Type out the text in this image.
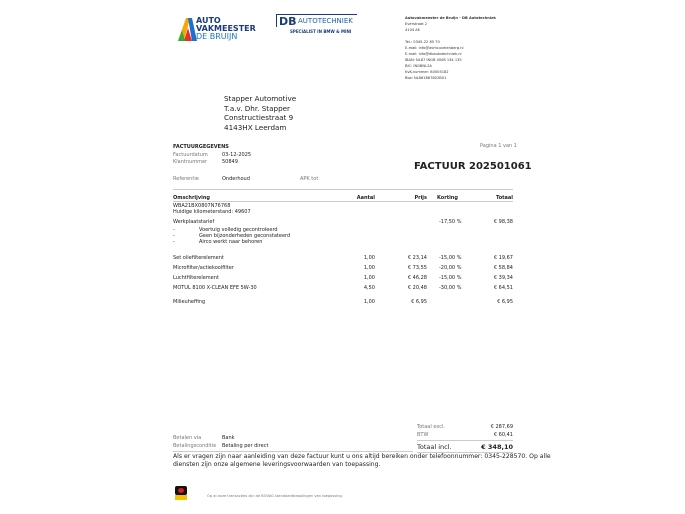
AUTO
VAKMEESTER
DE BRUIJN
DB AUTOTECHNIEK
SPECIALIST IN BMW & MINI
Autovakmeester de Bruijn - DB Autotechniek
Everstraat 2
4104 AE

Tel.: 0345-22 85 70
E-mail: info@avmcuvelenberg.nl
E-mail: info@dbautotechniek.nl
IBAN: NL87 INGB 0008 134 135
BIC: INGBNL2A
KvK-nummer: 80005182
Btw: NL861867802B01
Stapper Automotive
T.a.v. Dhr. Stapper
Constructiestraat 9
4143HX Leerdam
FACTUURGEGEVENS	Pagina 1 van 1
Factuurdatum	03-12-2025
Klantnummer	50849	FACTUUR 202501061
Referentie	Onderhoud	APK tot
Omschrijving	Aantal	Prijs Korting	Totaal
WBA21BX0807N76768
Huidige kilometerstand: 49607
Werkplaatstarief	-17,50 %	€ 98,38
-	Voertuig volledig gecontroleerd
-	Geen bijzonderheden geconstateerd
-	Airco werkt naar behoren
Set oliefilterelement	1,00	€ 23,14 -15,00 %	€ 19,67
Microfilter/actiekoolfilter	1,00	€ 73,55 -20,00 %	€ 58,84
Luchtfilterelement	1,00	€ 46,28 -15,00 %	€ 39,34
MOTUL 8100 X-CLEAN EFE 5W-30	4,50	€ 20,48 -30,00 %	€ 64,51
Milieuheffing	1,00	€ 6,95	€ 6,95
Totaal excl.	€ 287,69
BTW	€ 60,41
Totaal incl.	€ 348,10
Betalen via	Bank
Betalingsconditie Betaling per direct
Als er vragen zijn naar aanleiding van deze factuur kunt u ons altijd bereiken onder telefoonnummer: 0345-228570. Op alle
diensten zijn onze algemene leveringsvoorwaarden van toepassing.
Op al onze transacties zijn de BOVAG standaardbepalingen van toepassing.
